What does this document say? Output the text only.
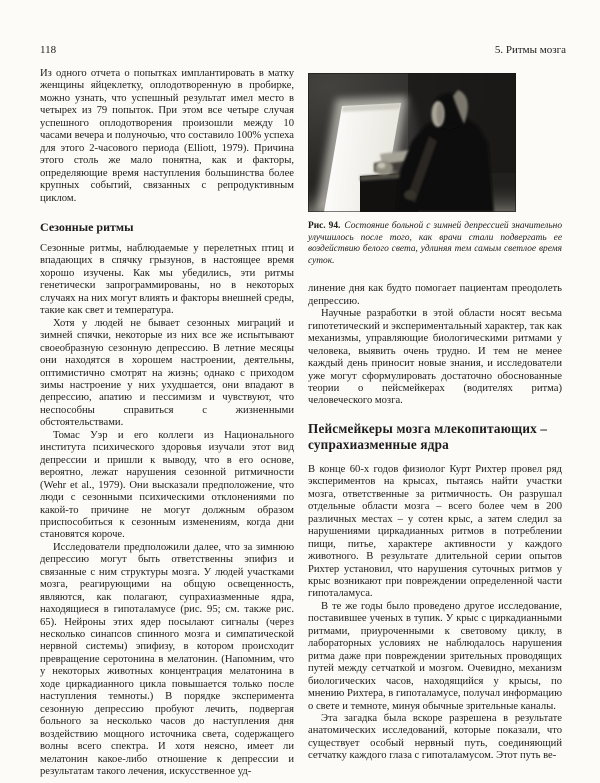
118	5. Ритмы мозга

Из одного отчета о попытках имплантировать в матку женщины яйцеклетку, оплодотворенную в пробирке, можно узнать, что успешный результат имел место в четырех из 79 попыток. При этом все четыре случая успешного оплодотворения произошли между 10 часами вечера и полуночью, что составило 100% успеха для этого 2-часового периода (Elliott, 1979). Причина этого столь же мало понятна, как и факторы, определяющие время наступления большинства более крупных событий, связанных с репродуктивным циклом.

Сезонные ритмы

Сезонные ритмы, наблюдаемые у перелетных птиц и впадающих в спячку грызунов, в настоящее время хорошо изучены. Как мы убедились, эти ритмы генетически запрограммированы, но в некоторых случаях на них могут влиять и факторы внешней среды, такие как свет и температура.

Хотя у людей не бывает сезонных миграций и зимней спячки, некоторые из них все же испытывают своеобразную сезонную депрессию. В летние месяцы они находятся в хорошем настроении, деятельны, оптимистично смотрят на жизнь; однако с приходом зимы настроение у них ухудшается, они впадают в депрессию, апатию и пессимизм и чувствуют, что неспособны справиться с жизненными обстоятельствами.

Томас Уэр и его коллеги из Национального института психического здоровья изучали этот вид депрессии и пришли к выводу, что в его основе, вероятно, лежат нарушения сезонной ритмичности (Wehr et al., 1979). Они высказали предположение, что люди с сезонными психическими отклонениями по какой-то причине не могут должным образом приспособиться к сезонным изменениям, когда дни становятся короче.

Исследователи предположили далее, что за зимнюю депрессию могут быть ответственны эпифиз и связанные с ним структуры мозга. У людей участками мозга, реагирующими на общую освещенность, являются, как полагают, супрахиазменные ядра, находящиеся в гипоталамусе (рис. 95; см. также рис. 65). Нейроны этих ядер посылают сигналы (через несколько синапсов спинного мозга и симпатической нервной системы) эпифизу, в котором происходит превращение серотонина в мелатонин. (Напомним, что у некоторых животных концентрация мелатонина в ходе циркадианного цикла повышается только после наступления темноты.) В порядке эксперимента сезонную депрессию пробуют лечить, подвергая больного за несколько часов до наступления дня воздействию мощного источника света, содержащего волны всего спектра. И хотя неясно, имеет ли мелатонин какое-либо отношение к депрессии и результатам такого лечения, искусственное уд-

Рис. 94. Состояние больной с зимней депрессией значительно улучшилось после того, как врачи стали подвергать ее воздействию белого света, удлиняя тем самым светлое время суток.

линение дня как будто помогает пациентам преодолеть депрессию.

Научные разработки в этой области носят весьма гипотетический и экспериментальный характер, так как механизмы, управляющие биологическими ритмами у человека, выявить очень трудно. И тем не менее каждый день приносит новые знания, и исследователи уже могут сформулировать достаточно обоснованные теории о пейсмейкерах (водителях ритма) человеческого мозга.

Пейсмейкеры мозга млекопитающих –
супрахиазменные ядра

В конце 60-х годов физиолог Курт Рихтер провел ряд экспериментов на крысах, пытаясь найти участки мозга, ответственные за ритмичность. Он разрушал отдельные области мозга – всего более чем в 200 различных местах – у сотен крыс, а затем следил за нарушениями циркадианных ритмов в потреблении пищи, питье, характере активности у каждого животного. В результате длительной серии опытов Рихтер установил, что нарушения суточных ритмов у крыс возникают при повреждении определенной части гипоталамуса.

В те же годы было проведено другое исследование, поставившее ученых в тупик. У крыс с циркадианными ритмами, приуроченными к световому циклу, в лабораторных условиях не наблюдалось нарушения ритма даже при повреждении зрительных проводящих путей между сетчаткой и мозгом. Очевидно, механизм биологических часов, находящийся у крысы, по мнению Рихтера, в гипоталамусе, получал информацию о свете и темноте, минуя обычные зрительные каналы.

Эта загадка была вскоре разрешена в результате анатомических исследований, которые показали, что существует особый нервный путь, соединяющий сетчатку каждого глаза с гипоталамусом. Этот путь ве-
